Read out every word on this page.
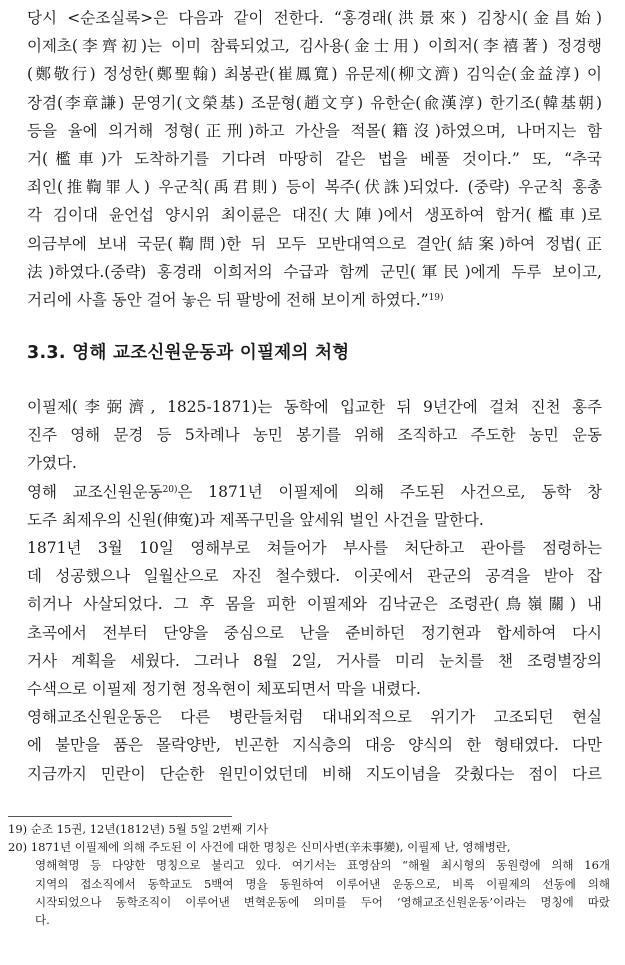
당시 <순조실록>은 다음과 같이 전한다. “홍경래(洪景來) 김창시(金昌始)
이제초(李齊初)는 이미 참륙되었고, 김사용(金士用) 이희저(李禧著) 정경행
(鄭敬行) 정성한(鄭聖翰) 최봉관(崔鳳寬) 유문제(柳文濟) 김익순(金益淳) 이
장겸(李章謙) 문영기(文榮基) 조문형(趙文亨) 유한순(兪漢淳) 한기조(韓基朝)
등을 율에 의거해 정형(正刑)하고 가산을 적몰(籍沒)하였으며, 나머지는 함
거(檻車)가 도착하기를 기다려 마땅히 같은 법을 베풀 것이다.” 또, “추국
죄인(推鞫罪人) 우군칙(禹君則) 등이 복주(伏誅)되었다. (중략) 우군칙 홍총
각 김이대 윤언섭 양시위 최이륜은 대진(大陣)에서 생포하여 함거(檻車)로
의금부에 보내 국문(鞫問)한 뒤 모두 모반대역으로 결안(結案)하여 정법(正
法)하였다.(중략) 홍경래 이희저의 수급과 함께 군민(軍民)에게 두루 보이고,
거리에 사흘 동안 걸어 놓은 뒤 팔방에 전해 보이게 하였다.”$^{19)}$

3.3. 영해 교조신원운동과 이필제의 처형

이필제(李弼濟, 1825-1871)는 동학에 입교한 뒤 9년간에 걸쳐 진천 홍주
진주 영해 문경 등 5차례나 농민 봉기를 위해 조직하고 주도한 농민 운동
가였다.

영해 교조신원운동$^{20)}$은 1871년 이필제에 의해 주도된 사건으로, 동학 창
도주 최제우의 신원(伸寃)과 제폭구민을 앞세워 벌인 사건을 말한다.

1871년 3월 10일 영해부로 쳐들어가 부사를 처단하고 관아를 점령하는
데 성공했으나 일월산으로 자진 철수했다. 이곳에서 관군의 공격을 받아 잡
히거나 사살되었다. 그 후 몸을 피한 이필제와 김낙균은 조령관(鳥嶺關) 내
초곡에서 전부터 단양을 중심으로 난을 준비하던 정기현과 합세하여 다시
거사 계획을 세웠다. 그러나 8월 2일, 거사를 미리 눈치를 챈 조령별장의
수색으로 이필제 정기현 정옥현이 체포되면서 막을 내렸다.

영해교조신원운동은 다른 병란들처럼 대내외적으로 위기가 고조되던 현실
에 불만을 품은 몰락양반, 빈곤한 지식층의 대응 양식의 한 형태였다. 다만
지금까지 민란이 단순한 원민이었던데 비해 지도이념을 갖췄다는 점이 다르

19) 순조 15권, 12년(1812년) 5월 5일 2번째 기사
20) 1871년 이필제에 의해 주도된 이 사건에 대한 명칭은 신미사변(辛未事變), 이필제 난, 영해병란,
영해혁명 등 다양한 명칭으로 불리고 있다. 여기서는 표영삼의 “해월 최시형의 동원령에 의해 16개
지역의 접소직에서 동학교도 5백여 명을 동원하여 이루어낸 운동으로, 비록 이필제의 선동에 의해
시작되었으나 동학조직이 이루어낸 변혁운동에 의미를 두어 ‘영해교조신원운동’이라는 명칭에 따랐
다.
